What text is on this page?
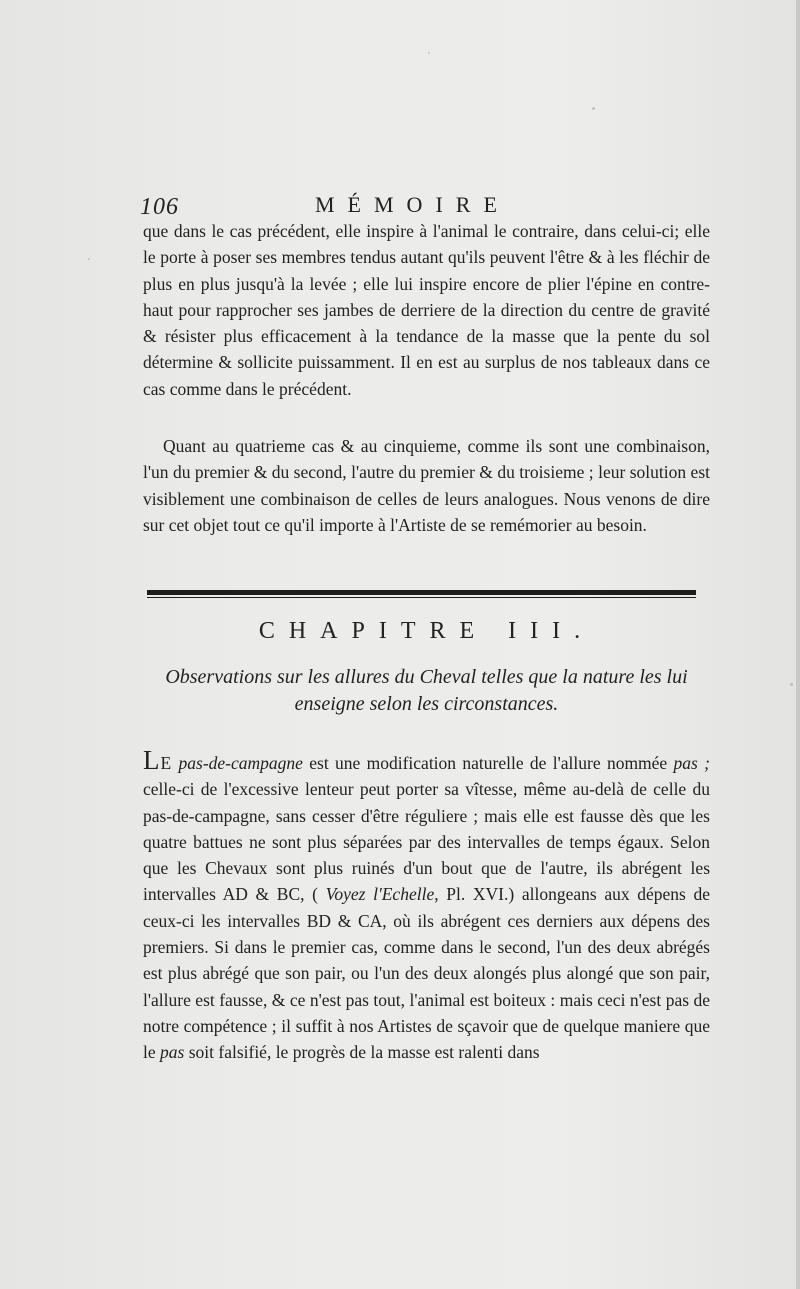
106	MÉMOIRE

que dans le cas précédent, elle inspire à l'animal le contraire, dans celui-ci; elle le porte à poser ses membres tendus autant qu'ils peuvent l'être & à les fléchir de plus en plus jusqu'à la levée ; elle lui inspire encore de plier l'épine en contre-haut pour rapprocher ses jambes de derriere de la direction du centre de gravité & résister plus efficacement à la tendance de la masse que la pente du sol détermine & sollicite puissamment. Il en est au surplus de nos tableaux dans ce cas comme dans le précédent.

Quant au quatrieme cas & au cinquieme, comme ils sont une combinaison, l'un du premier & du second, l'autre du premier & du troisieme ; leur solution est visiblement une combinaison de celles de leurs analogues. Nous venons de dire sur cet objet tout ce qu'il importe à l'Artiste de se remémorier au besoin.

CHAPITRE III.
Observations sur les allures du Cheval telles que la nature les lui enseigne selon les circonstances.

LE pas-de-campagne est une modification naturelle de l'allure nommée pas ; celle-ci de l'excessive lenteur peut porter sa vîtesse, même au-delà de celle du pas-de-campagne, sans cesser d'être réguliere ; mais elle est fausse dès que les quatre battues ne sont plus séparées par des intervalles de temps égaux. Selon que les Chevaux sont plus ruinés d'un bout que de l'autre, ils abrégent les intervalles AD & BC, ( Voyez l'Echelle, Pl. XVI.) allongeans aux dépens de ceux-ci les intervalles BD & CA, où ils abrégent ces derniers aux dépens des premiers. Si dans le premier cas, comme dans le second, l'un des deux abrégés est plus abrégé que son pair, ou l'un des deux alongés plus alongé que son pair, l'allure est fausse, & ce n'est pas tout, l'animal est boiteux : mais ceci n'est pas de notre compétence ; il suffit à nos Artistes de sçavoir que de quelque maniere que le pas soit falsifié, le progrès de la masse est ralenti dans
